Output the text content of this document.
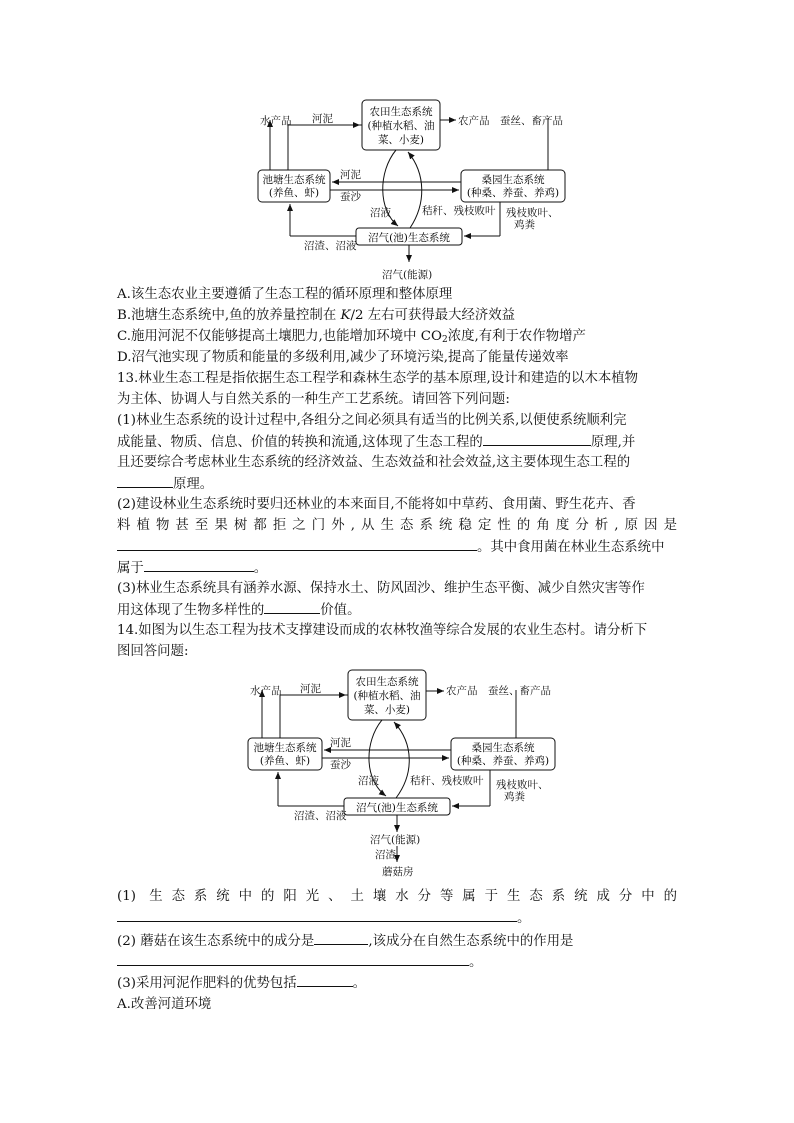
农田生态系统
(种植水稻、油
菜、小麦)
池塘生态系统
(养鱼、虾)
桑园生态系统
(种桑、养蚕、养鸡)
沼气(池)生态系统
水产品 河泥	农产品 蚕丝、畜产品
河泥
蚕沙
沼液	秸秆、残枝败叶 残枝败叶、
鸡粪
沼渣、沼液
沼气(能源)
A.该生态农业主要遵循了生态工程的循环原理和整体原理
B.池塘生态系统中,鱼的放养量控制在 K/2 左右可获得最大经济效益
C.施用河泥不仅能够提高土壤肥力,也能增加环境中 $CO_2$浓度,有利于农作物增产
D.沼气池实现了物质和能量的多级利用,减少了环境污染,提高了能量传递效率
13.林业生态工程是指依据生态工程学和森林生态学的基本原理,设计和建造的以木本植物
为主体、协调人与自然关系的一种生产工艺系统。请回答下列问题:
(1)林业生态系统的设计过程中,各组分之间必须具有适当的比例关系,以便使系统顺利完
成能量、物质、信息、价值的转换和流通,这体现了生态工程的	原理,并
且还要综合考虑林业生态系统的经济效益、生态效益和社会效益,这主要体现生态工程的
原理。
(2)建设林业生态系统时要归还林业的本来面目,不能将如中草药、食用菌、野生花卉、香
料植物甚至果树都拒之门外,从生态系统稳定性的角度分析,原因是
。其中食用菌在林业生态系统中
属于	。
(3)林业生态系统具有涵养水源、保持水土、防风固沙、维护生态平衡、减少自然灾害等作
用这体现了生物多样性的	价值。
14.如图为以生态工程为技术支撑建设而成的农林牧渔等综合发展的农业生态村。请分析下
图回答问题:
农田生态系统
(种植水稻、油
菜、小麦)
池塘生态系统
(养鱼、虾)
桑园生态系统
(种桑、养蚕、养鸡)
沼气(池)生态系统
水产品 河泥	农产品 蚕丝、畜产品
河泥
蚕沙
沼液	秸秆、残枝败叶 残枝败叶、
鸡粪
沼渣、沼液
沼气(能源)
沼渣
蘑菇房
(1) 生态系统中的阳光、土壤水分等属于生态系统成分中的
。
(2) 蘑菇在该生态系统中的成分是	,该成分在自然生态系统中的作用是
。
(3)采用河泥作肥料的优势包括	。
A.改善河道环境
